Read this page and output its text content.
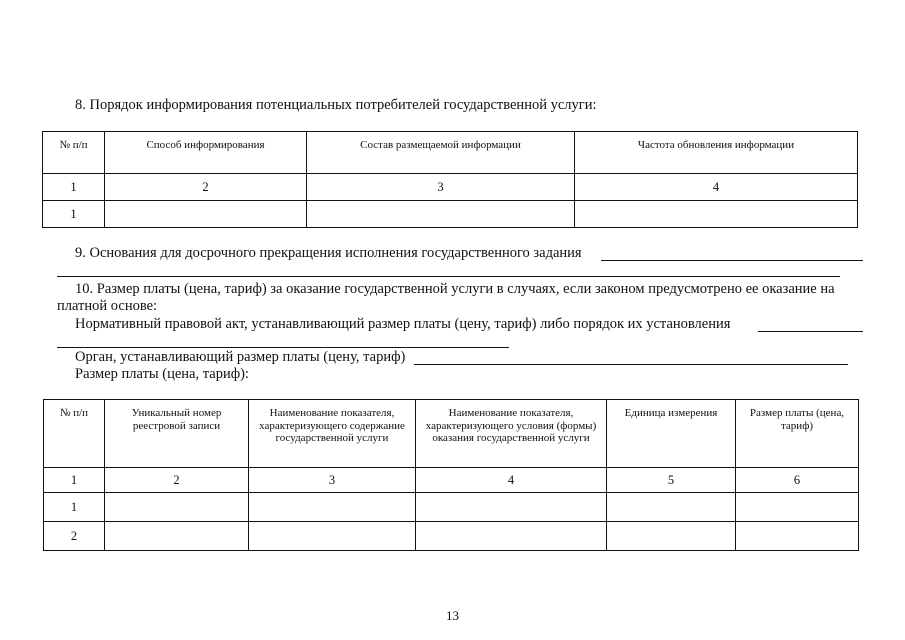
8. Порядок информирования потенциальных потребителей государственной услуги:
№ п/п	Способ информирования	Состав размещаемой информации	Частота обновления информации
1	2	3	4
1			
9. Основания для досрочного прекращения исполнения государственного задания
10. Размер платы (цена, тариф) за оказание государственной услуги в случаях, если законом предусмотрено ее оказание на
платной основе:
Нормативный правовой акт, устанавливающий размер платы (цену, тариф) либо порядок их установления
Орган, устанавливающий размер платы (цену, тариф)
Размер платы (цена, тариф):
№ п/п	Уникальный номер реестровой записи	Наименование показателя, характеризующего содержание государственной услуги	Наименование показателя, характеризующего условия (формы) оказания государственной услуги	Единица измерения	Размер платы (цена, тариф)
1	2	3	4	5	6
1					
2					
13
